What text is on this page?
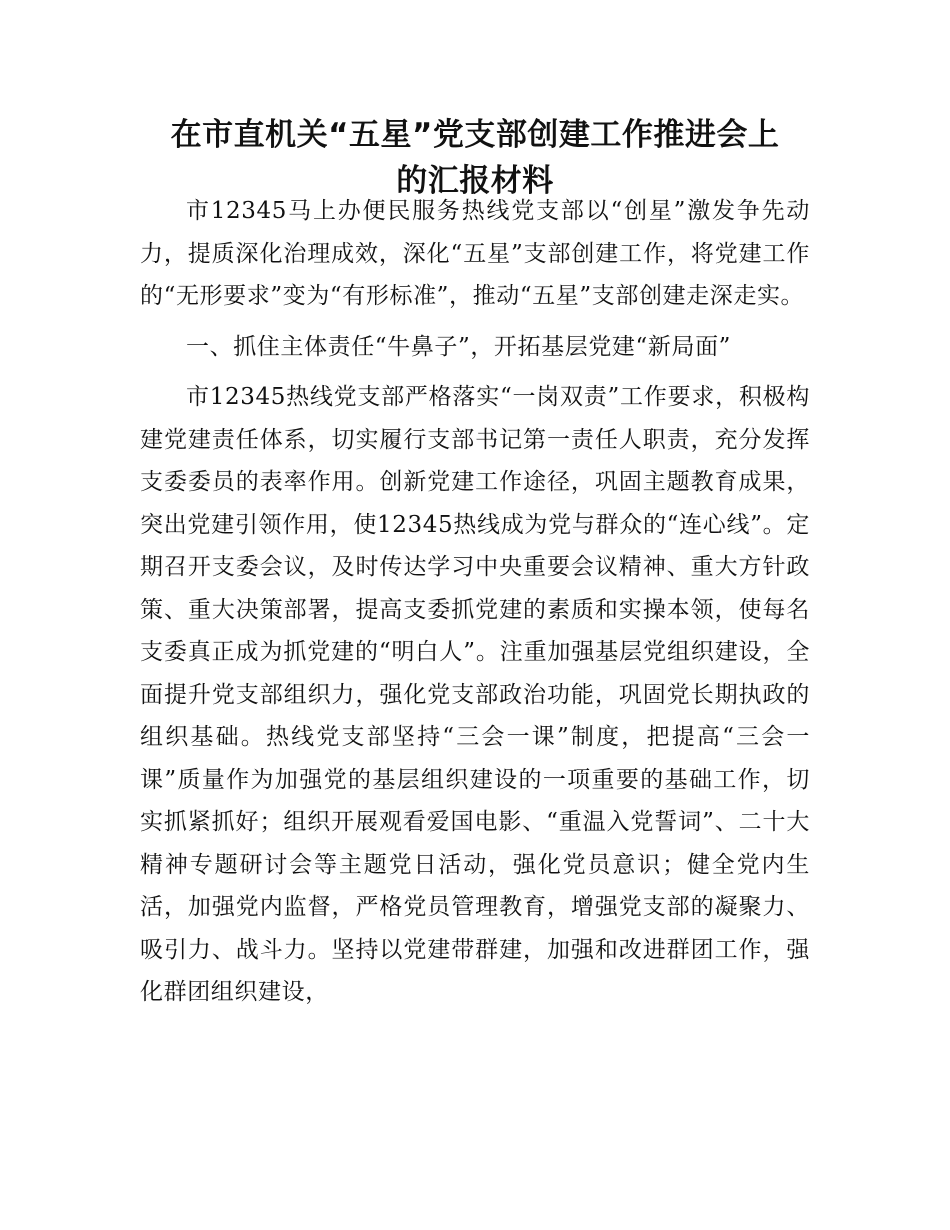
在市直机关“五星”党支部创建工作推进会上
的汇报材料

市12345马上办便民服务热线党支部以“创星”激发争先动力，提质深化治理成效，深化“五星”支部创建工作，将党建工作的“无形要求”变为“有形标准”，推动“五星”支部创建走深走实。

一、抓住主体责任“牛鼻子”，开拓基层党建“新局面”

市12345热线党支部严格落实“一岗双责”工作要求，积极构建党建责任体系，切实履行支部书记第一责任人职责，充分发挥支委委员的表率作用。创新党建工作途径，巩固主题教育成果，突出党建引领作用，使12345热线成为党与群众的“连心线”。定期召开支委会议，及时传达学习中央重要会议精神、重大方针政策、重大决策部署，提高支委抓党建的素质和实操本领，使每名支委真正成为抓党建的“明白人”。注重加强基层党组织建设，全面提升党支部组织力，强化党支部政治功能，巩固党长期执政的组织基础。热线党支部坚持“三会一课”制度，把提高“三会一课”质量作为加强党的基层组织建设的一项重要的基础工作，切实抓紧抓好；组织开展观看爱国电影、“重温入党誓词”、二十大精神专题研讨会等主题党日活动，强化党员意识；健全党内生活，加强党内监督，严格党员管理教育，增强党支部的凝聚力、吸引力、战斗力。坚持以党建带群建，加强和改进群团工作，强化群团组织建设，
